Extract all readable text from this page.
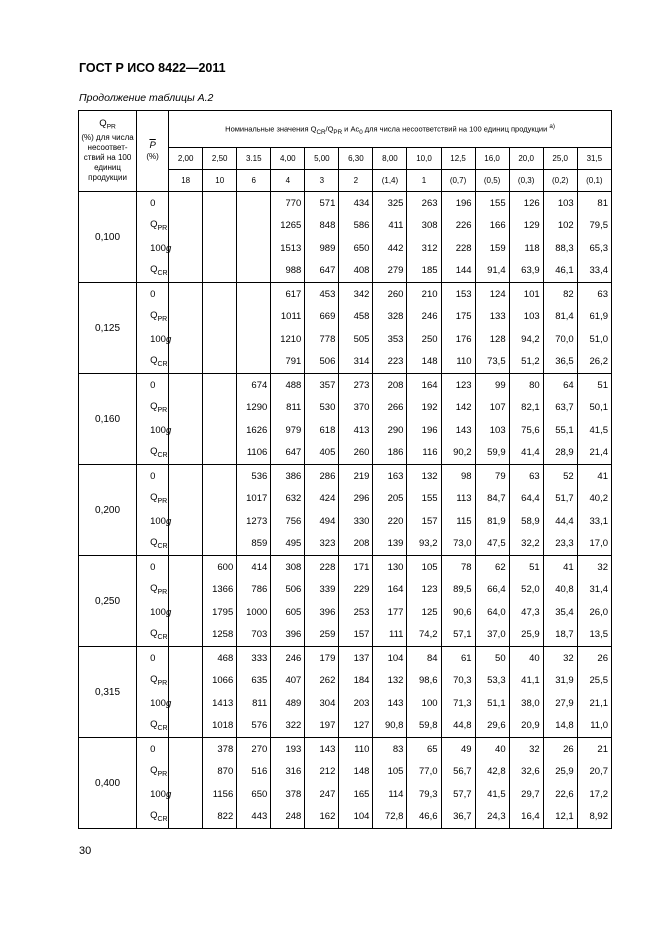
ГОСТ Р ИСО 8422—2011
Продолжение таблицы А.2
$Q_{PR}$
(%) для числа несоответ-ствий на 100 единиц продукции	$\overline{P}$
(%)	Номинальные значения $Q_{CR}/Q_{PR}$ и $Ac_0$ для числа несоответствий на 100 единиц продукции $^{a)}$
		2,00	2,50	3.15	4,00	5,00	6,30	8,00	10,0	12,5	16,0	20,0	25,0	31,5
		18	10	6	4	3	2	(1,4)	1	(0,7)	(0,5)	(0,3)	(0,2)	(0,1)
0,100	0				770	571	434	325	263	196	155	126	103	81
	$Q_{PR}$				1265	848	586	411	308	226	166	129	102	79,5
	100g				1513	989	650	442	312	228	159	118	88,3	65,3
	$Q_{CR}$				988	647	408	279	185	144	91,4	63,9	46,1	33,4
0,125	0				617	453	342	260	210	153	124	101	82	63
	$Q_{PR}$				1011	669	458	328	246	175	133	103	81,4	61,9
	100g				1210	778	505	353	250	176	128	94,2	70,0	51,0
	$Q_{CR}$				791	506	314	223	148	110	73,5	51,2	36,5	26,2
0,160	0			674	488	357	273	208	164	123	99	80	64	51
	$Q_{PR}$			1290	811	530	370	266	192	142	107	82,1	63,7	50,1
	100g			1626	979	618	413	290	196	143	103	75,6	55,1	41,5
	$Q_{CR}$			1106	647	405	260	186	116	90,2	59,9	41,4	28,9	21,4
0,200	0			536	386	286	219	163	132	98	79	63	52	41
	$Q_{PR}$			1017	632	424	296	205	155	113	84,7	64,4	51,7	40,2
	100g			1273	756	494	330	220	157	115	81,9	58,9	44,4	33,1
	$Q_{CR}$			859	495	323	208	139	93,2	73,0	47,5	32,2	23,3	17,0
0,250	0		600	414	308	228	171	130	105	78	62	51	41	32
	$Q_{PR}$		1366	786	506	339	229	164	123	89,5	66,4	52,0	40,8	31,4
	100g		1795	1000	605	396	253	177	125	90,6	64,0	47,3	35,4	26,0
	$Q_{CR}$		1258	703	396	259	157	111	74,2	57,1	37,0	25,9	18,7	13,5
0,315	0		468	333	246	179	137	104	84	61	50	40	32	26
	$Q_{PR}$		1066	635	407	262	184	132	98,6	70,3	53,3	41,1	31,9	25,5
	100g		1413	811	489	304	203	143	100	71,3	51,1	38,0	27,9	21,1
	$Q_{CR}$		1018	576	322	197	127	90,8	59,8	44,8	29,6	20,9	14,8	11,0
0,400	0		378	270	193	143	110	83	65	49	40	32	26	21
	$Q_{PR}$		870	516	316	212	148	105	77,0	56,7	42,8	32,6	25,9	20,7
	100g		1156	650	378	247	165	114	79,3	57,7	41,5	29,7	22,6	17,2
	$Q_{CR}$		822	443	248	162	104	72,8	46,6	36,7	24,3	16,4	12,1	8,92
30
